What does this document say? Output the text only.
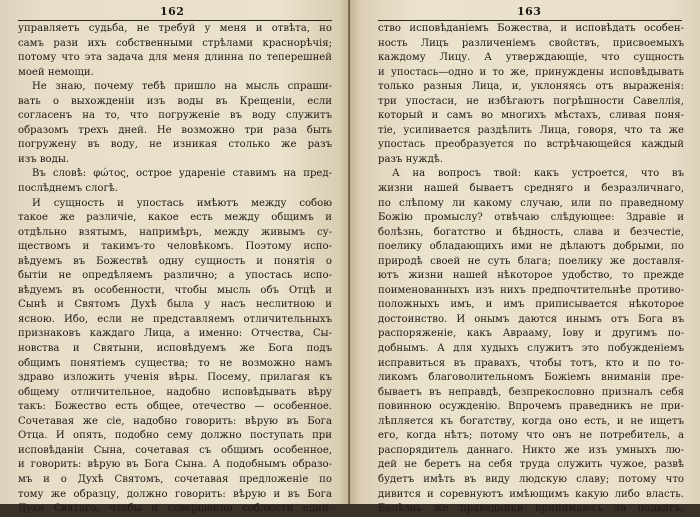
162
управляетъ судьба, не требуй у меня и отвѣта, но
самъ рази ихъ собственными стрѣлами краснорѣчія;
потому что эта задача для меня длинна по теперешней
моей немощи.
Не знаю, почему тебѣ пришло на мысль спраши-
вать о выхожденіи изъ воды въ Крещеніи, если
согласенъ на то, что погруженіе въ воду служитъ
образомъ трехъ дней. Не возможно три раза быть
погружену въ воду, не изникая столько же разъ
изъ воды.
Въ словѣ: φώτος, острое удареніе ставимъ на пред-
послѣднемъ слогѣ.
И сущность и упостась имѣютъ между собою
такое же различіе, какое есть между общимъ и
отдѣльно взятымъ, напримѣръ, между живымъ су-
ществомъ и такимъ-то человѣкомъ. Поэтому испо-
вѣдуемъ въ Божествѣ одну сущность и понятія о
бытіи не опредѣляемъ различно; а упостась испо-
вѣдуемъ въ особенности, чтобы мысль объ Отцѣ и
Сынѣ и Святомъ Духѣ была у насъ неслитною и
ясною. Ибо, если не представляемъ отличительныхъ
признаковъ каждаго Лица, а именно: Отчества, Сы-
новства и Святыни, исповѣдуемъ же Бога подъ
общимъ понятіемъ существа; то не возможно намъ
здраво изложить ученія вѣры. Посему, прилагая къ
общему отличительное, надобно исповѣдывать вѣру
такъ: Божество есть общее, отечество — особенное.
Сочетавая же сіе, надобно говорить: вѣрую въ Бога
Отца. И опять, подобно сему должно поступать при
исповѣданіи Сына, сочетавая съ общимъ особенное,
и говорить: вѣрую въ Бога Сына. А подобнымъ образо-
мъ и о Духѣ Святомъ, сочетавая предложеніе по
тому же образцу, должно говорить: вѣрую и въ Бога
Духа Святаго, чтобы и совершенно соблюсти един-
163
ство исповѣданіемъ Божества, и исповѣдать особен-
ность Лицъ различеніемъ свойствъ, присвоемыхъ
каждому Лицу. А утверждающіе, что сущность
и упостась—одно и то же, принуждены исповѣдывать
только разныя Лица, и, уклоняясь отъ выраженія:
три упостаси, не избѣгаютъ погрѣшности Савеллія,
который и самъ во многихъ мѣстахъ, сливая поня-
тіе, усиливается раздѣлить Лица, говоря, что та же
упостась преобразуется по встрѣчающейся каждый
разъ нуждѣ.
А на вопросъ твой: какъ устроется, что въ
жизни нашей бываетъ средняго и безразличнаго,
по слѣпому ли какому случаю, или по праведному
Божію промыслу? отвѣчаю слѣдующее: Здравіе и
болѣзнь, богатство и бѣдность, слава и безчестіе,
поелику обладающихъ ими не дѣлаютъ добрыми, по
природѣ своей не суть блага; поелику же доставля-
ютъ жизни нашей нѣкоторое удобство, то прежде
поименованныхъ изъ нихъ предпочтительнѣе противо-
положныхъ имъ, и имъ приписывается нѣкоторое
достоинство. И онымъ даются инымъ отъ Бога въ
распоряженіе, какъ Аврааму, Іову и другимъ по-
добнымъ. А для худыхъ служитъ это побужденіемъ
исправиться въ правахъ, чтобы тотъ, кто и по то-
ликомъ благоволительномъ Божіемъ вниманіи пре-
бываетъ въ неправдѣ, безпрекословно призналъ себя
повинною осужденію. Впрочемъ праведникъ не при-
лѣпляется къ богатству, когда оно есть, и не ищетъ
его, когда нѣтъ; потому что онъ не потребитель, а
распорядитель даннаго. Никто же изъ умныхъ лю-
дей не беретъ на себя труда служить чужое, развѣ
будетъ имѣть въ виду людскую славу; потому что
дивится и соревнуютъ имѣющимъ какую либо власть.
Болѣзнь же праведники принимаютъ за подвигъ,
